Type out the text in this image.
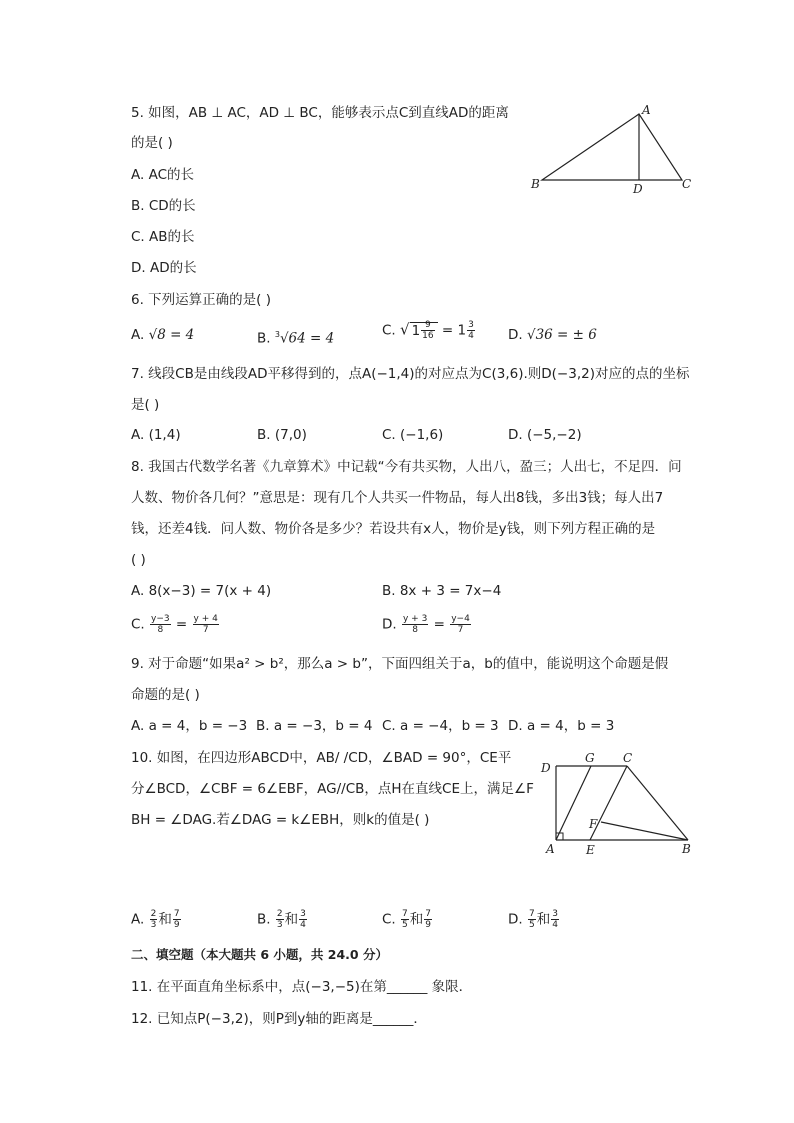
5. 如图，AB ⊥ AC，AD ⊥ BC，能够表示点C到直线AD的距离
的是( )
A. AC的长
B. CD的长
C. AB的长
D. AD的长
A
B	D	C
6. 下列运算正确的是( )
A. √8 = 4	B. $^3$√64 = 4	C. √ $1 \frac{9}{16} = 1 \frac{3}{4} D$. √36 = ± 6
7. 线段CB是由线段AD平移得到的，点A(−1,4)的对应点为C(3,6).则D(−3,2)对应的点的坐标
是( )
A. (1,4)	B. (7,0)	C. (−1,6)	D. (−5,−2)
8. 我国古代数学名著《九章算术》中记载“今有共买物，人出八，盈三；人出七，不足四．问
人数、物价各几何？”意思是：现有几个人共买一件物品，每人出8钱，多出3钱；每人出7
钱，还差4钱．问人数、物价各是多少？若设共有x人，物价是y钱，则下列方程正确的是
( )
A. 8(x−3) = 7(x + 4)	B. 8x + 3 = 7x−4
C. $\frac{y-3}{8} = \frac{y + 4}{7}$	D. $\frac{y + 3}{8} = \frac{y-4}{7}$
9. 对于命题“如果a² > b²，那么a > b”，下面四组关于a，b的值中，能说明这个命题是假
命题的是( )
A. a = 4，b = −3 B. a = −3，b = 4 C. a = −4，b = 3 D. a = 4，b = 3
10. 如图，在四边形ABCD中，AB/ /CD，∠BAD = 90°，CE平
分∠BCD，∠CBF = 6∠EBF，AG//CB，点H在直线CE上，满足∠F
BH = ∠DAG.若∠DAG = k∠EBH，则k的值是( )
D
G C
F
A	E	B
A. $\frac{2}{3}$ 和 $\frac{7}{9}$	B. $\frac{2}{3}$ 和 $\frac{3}{4}$	C. $\frac{7}{5}$ 和 $\frac{7}{9}$	D. $\frac{7}{5}$ 和 $\frac{3}{4}$
二、填空题（本大题共 6 小题，共 24.0 分）
11. 在平面直角坐标系中，点(−3,−5)在第______ 象限．
12. 已知点P(−3,2)，则P到y轴的距离是______．
